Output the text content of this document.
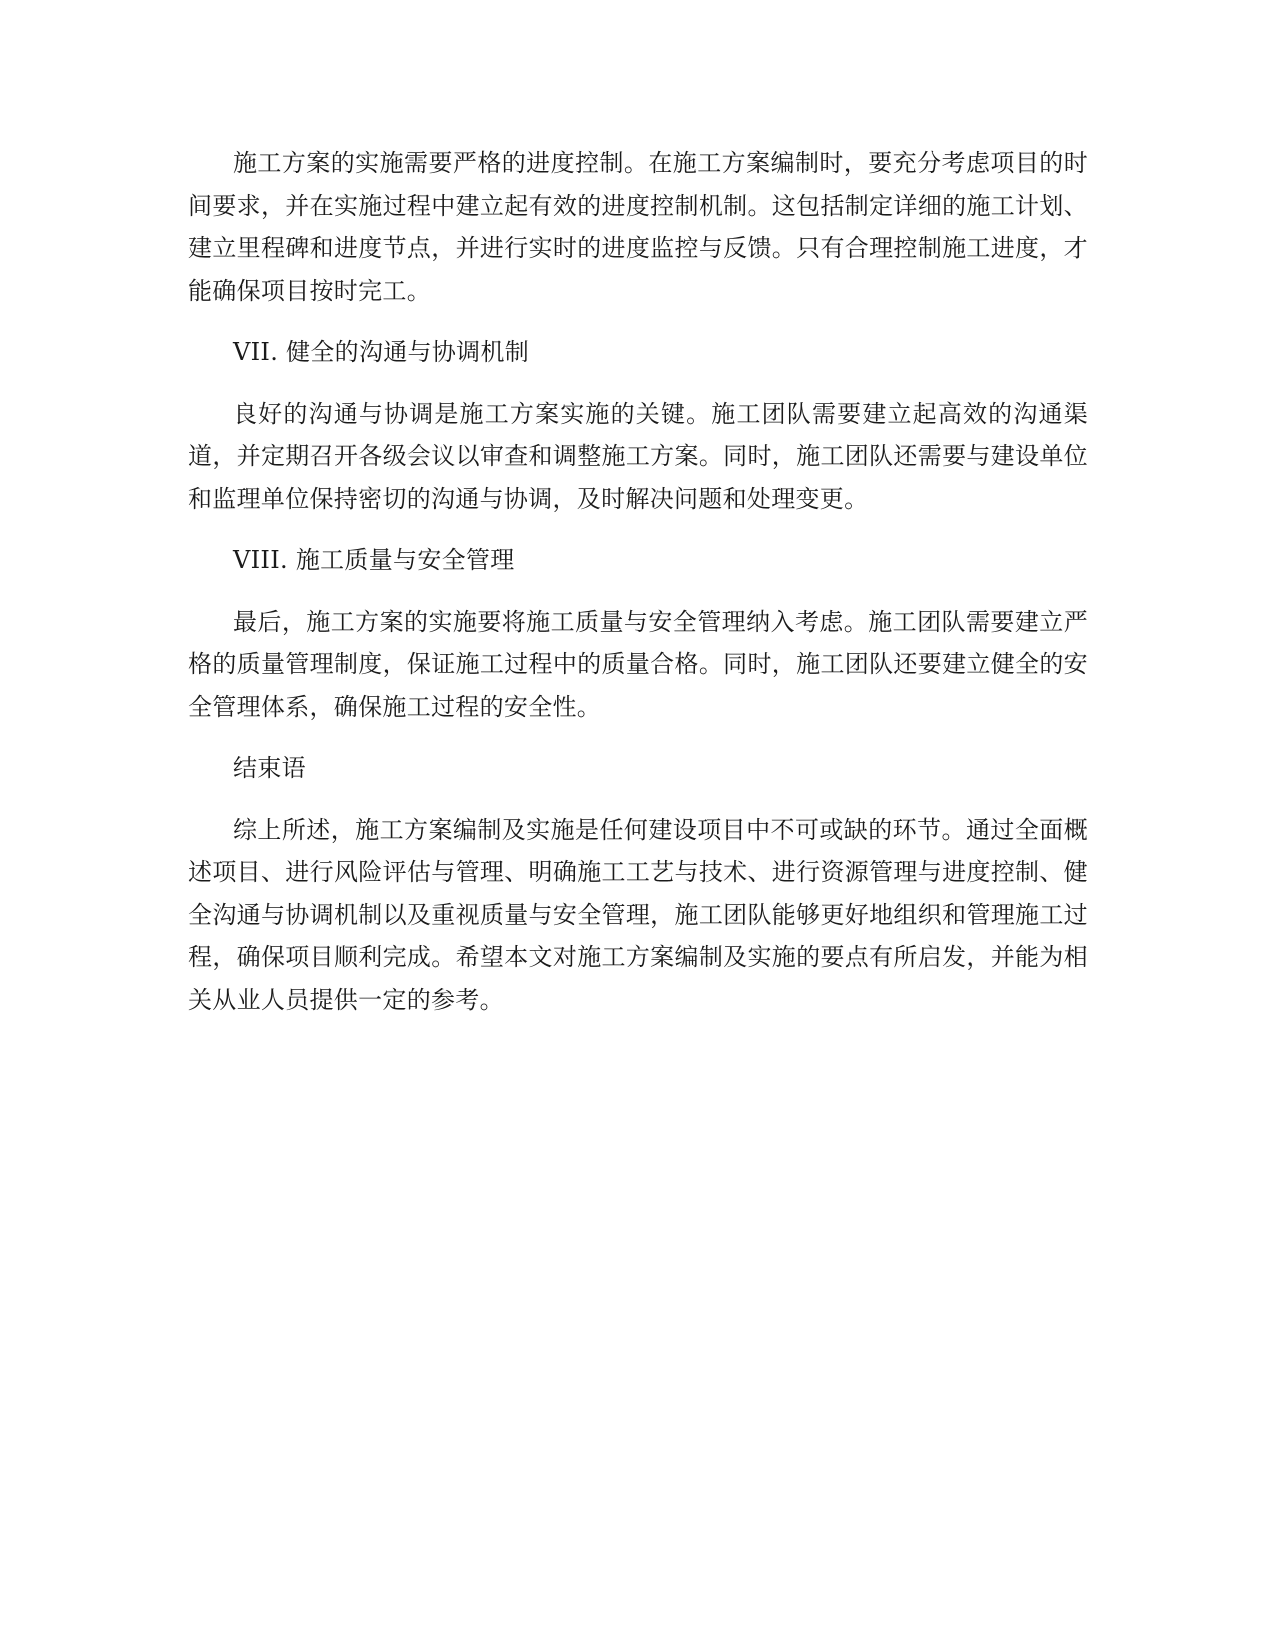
施工方案的实施需要严格的进度控制。在施工方案编制时，要充分考虑项目的时间要求，并在实施过程中建立起有效的进度控制机制。这包括制定详细的施工计划、建立里程碑和进度节点，并进行实时的进度监控与反馈。只有合理控制施工进度，才能确保项目按时完工。

VII. 健全的沟通与协调机制

良好的沟通与协调是施工方案实施的关键。施工团队需要建立起高效的沟通渠道，并定期召开各级会议以审查和调整施工方案。同时，施工团队还需要与建设单位和监理单位保持密切的沟通与协调，及时解决问题和处理变更。

VIII. 施工质量与安全管理

最后，施工方案的实施要将施工质量与安全管理纳入考虑。施工团队需要建立严格的质量管理制度，保证施工过程中的质量合格。同时，施工团队还要建立健全的安全管理体系，确保施工过程的安全性。

结束语

综上所述，施工方案编制及实施是任何建设项目中不可或缺的环节。通过全面概述项目、进行风险评估与管理、明确施工工艺与技术、进行资源管理与进度控制、健全沟通与协调机制以及重视质量与安全管理，施工团队能够更好地组织和管理施工过程，确保项目顺利完成。希望本文对施工方案编制及实施的要点有所启发，并能为相关从业人员提供一定的参考。
